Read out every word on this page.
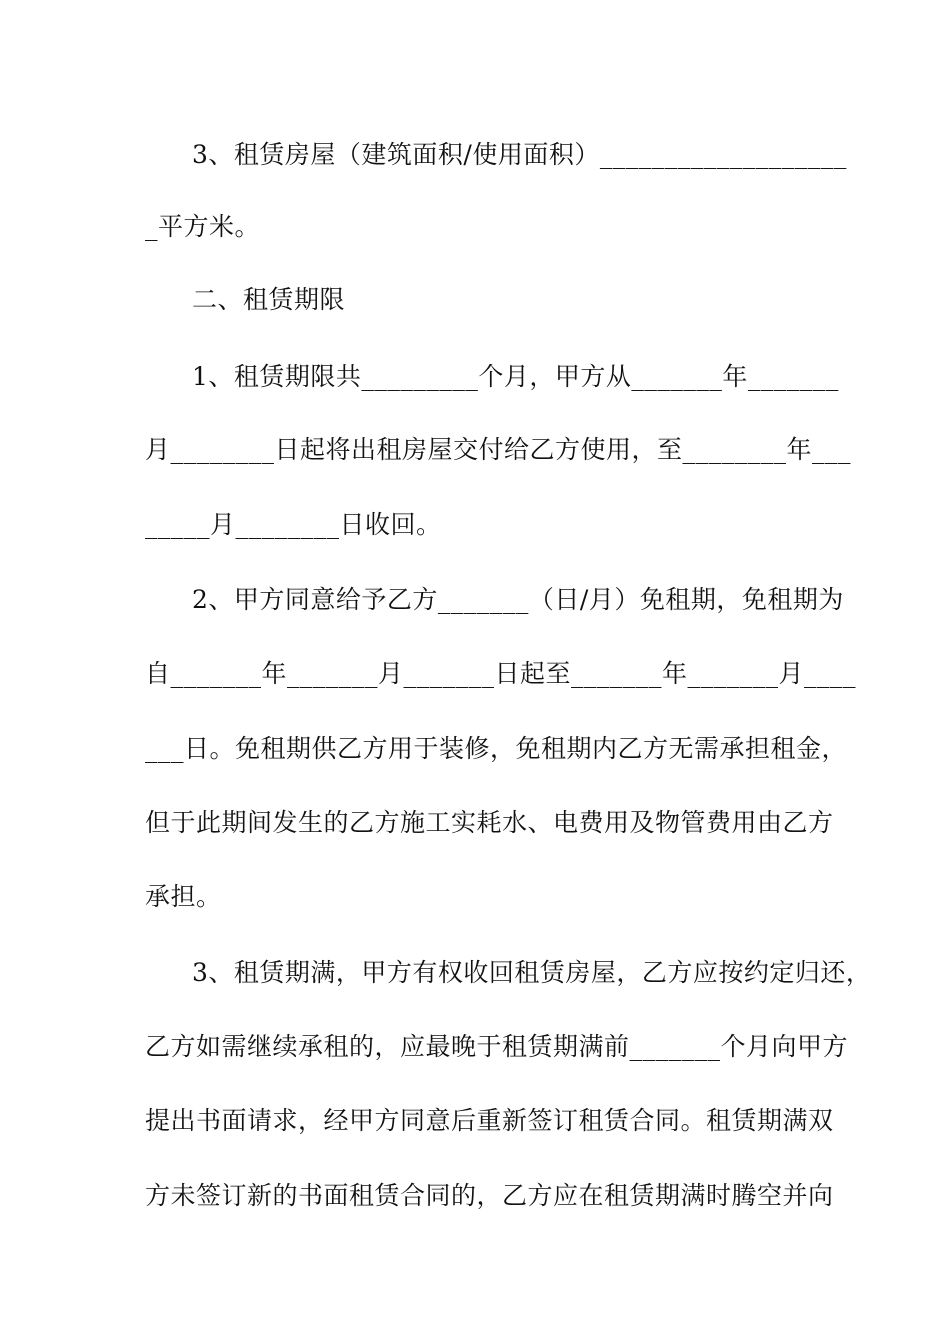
3、租赁房屋（建筑面积/使用面积）___________________
_平方米。
二、租赁期限
1、租赁期限共_________个月，甲方从_______年_______
月________日起将出租房屋交付给乙方使用，至________年___
_____月________日收回。
2、甲方同意给予乙方_______（日/月）免租期，免租期为
自_______年_______月_______日起至_______年_______月____
___日。免租期供乙方用于装修，免租期内乙方无需承担租金，
但于此期间发生的乙方施工实耗水、电费用及物管费用由乙方
承担。
3、租赁期满，甲方有权收回租赁房屋，乙方应按约定归还，
乙方如需继续承租的，应最晚于租赁期满前_______个月向甲方
提出书面请求，经甲方同意后重新签订租赁合同。租赁期满双
方未签订新的书面租赁合同的，乙方应在租赁期满时腾空并向
